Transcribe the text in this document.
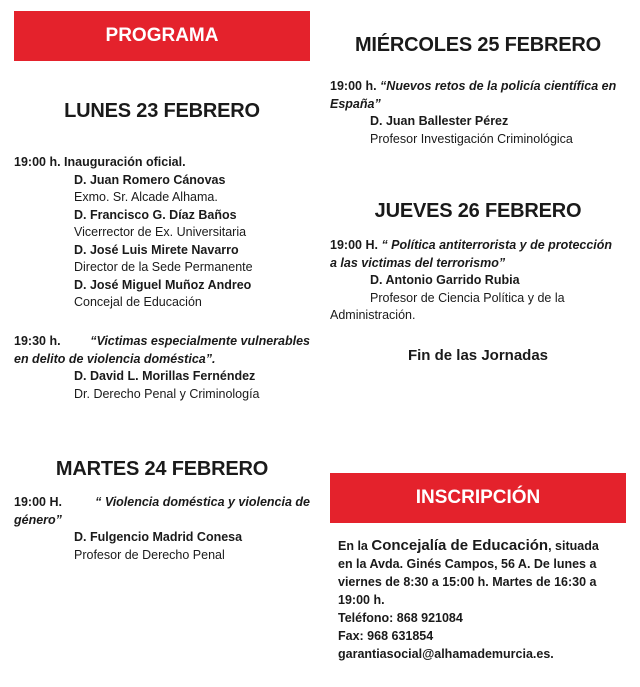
PROGRAMA
INSCRIPCIÓN
LUNES 23 FEBRERO
19:00 h. Inauguración oficial.
D. Juan Romero Cánovas
Exmo. Sr. Alcade Alhama.
D. Francisco G. Díaz Baños
Vicerrector de Ex. Universitaria
D. José Luis Mirete Navarro
Director de la Sede Permanente
D. José Miguel Muñoz Andreo
Concejal de Educación
19:30 h. “Victimas especialmente vulnerables
en delito de violencia doméstica”.
D. David L. Morillas Fernéndez
Dr. Derecho Penal y Criminología
MARTES 24 FEBRERO
19:00 H.	“ Violencia doméstica y violencia de
género”
D. Fulgencio Madrid Conesa
Profesor de Derecho Penal
MIÉRCOLES 25 FEBRERO
19:00 h. “Nuevos retos de la policía científica en
España”
D. Juan Ballester Pérez
Profesor Investigación Criminológica
JUEVES 26 FEBRERO
19:00 H. “ Política antiterrorista y de protección
a las victimas del terrorismo”
D. Antonio Garrido Rubia
Profesor de Ciencia Política y de la
Administración.
Fin de las Jornadas
En la Concejalía de Educación, situada
en la Avda. Ginés Campos, 56 A. De lunes a
viernes de 8:30 a 15:00 h. Martes de 16:30 a
19:00 h.
Teléfono: 868 921084
Fax: 968 631854
garantiasocial@alhamademurcia.es.
